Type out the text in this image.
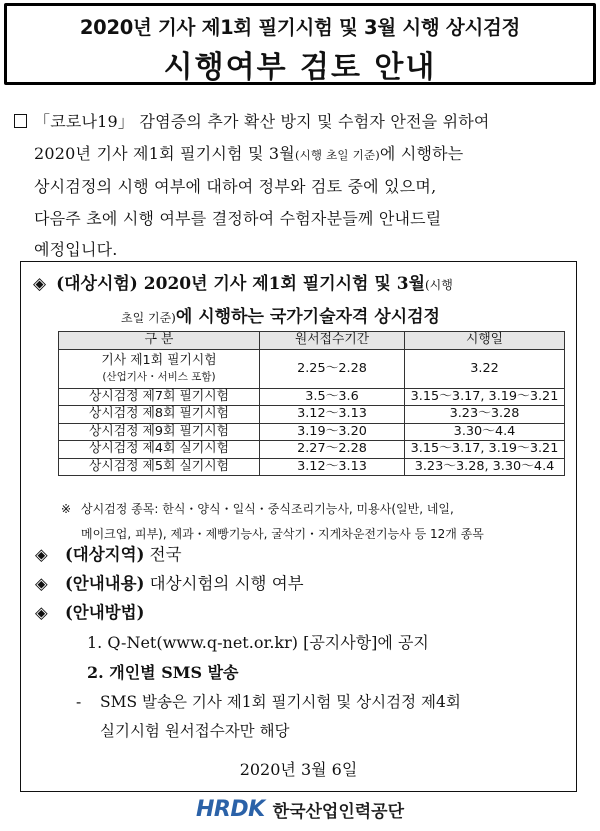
2020년 기사 제1회 필기시험 및 3월 시행 상시검정
시행여부 검토 안내
「코로나19」 감염증의 추가 확산 방지 및 수험자 안전을 위하여
2020년 기사 제1회 필기시험 및 3월(시행 초일 기준)에 시행하는
상시검정의 시행 여부에 대하여 정부와 검토 중에 있으며,
다음주 초에 시행 여부를 결정하여 수험자분들께 안내드릴
예정입니다.
◈ (대상시험) 2020년 기사 제1회 필기시험 및 3월(시행
초일 기준)에 시행하는 국가기술자격 상시검정
구 분	원서접수기간	시행일

기사 제1회 필기시험
(산업기사・서비스 포함)	2.25～2.28	3.22
상시검정 제7회 필기시험	3.5～3.6	3.15～3.17, 3.19～3.21
상시검정 제8회 필기시험	3.12～3.13	3.23～3.28
상시검정 제9회 필기시험	3.19～3.20	3.30～4.4
상시검정 제4회 실기시험	2.27～2.28	3.15～3.17, 3.19～3.21
상시검정 제5회 실기시험	3.12～3.13	3.23～3.28, 3.30～4.4
※ 상시검정 종목: 한식・양식・일식・중식조리기능사, 미용사(일반, 네일,
메이크업, 피부), 제과・제빵기능사, 굴삭기・지게차운전기능사 등 12개 종목
◈ (대상지역) 전국
◈ (안내내용) 대상시험의 시행 여부
◈ (안내방법)
1. Q-Net(www.q-net.or.kr) [공지사항]에 공지
2. 개인별 SMS 발송
-	SMS 발송은 기사 제1회 필기시험 및 상시검정 제4회
실기시험 원서접수자만 해당
2020년 3월 6일
HRDK 한국산업인력공단
